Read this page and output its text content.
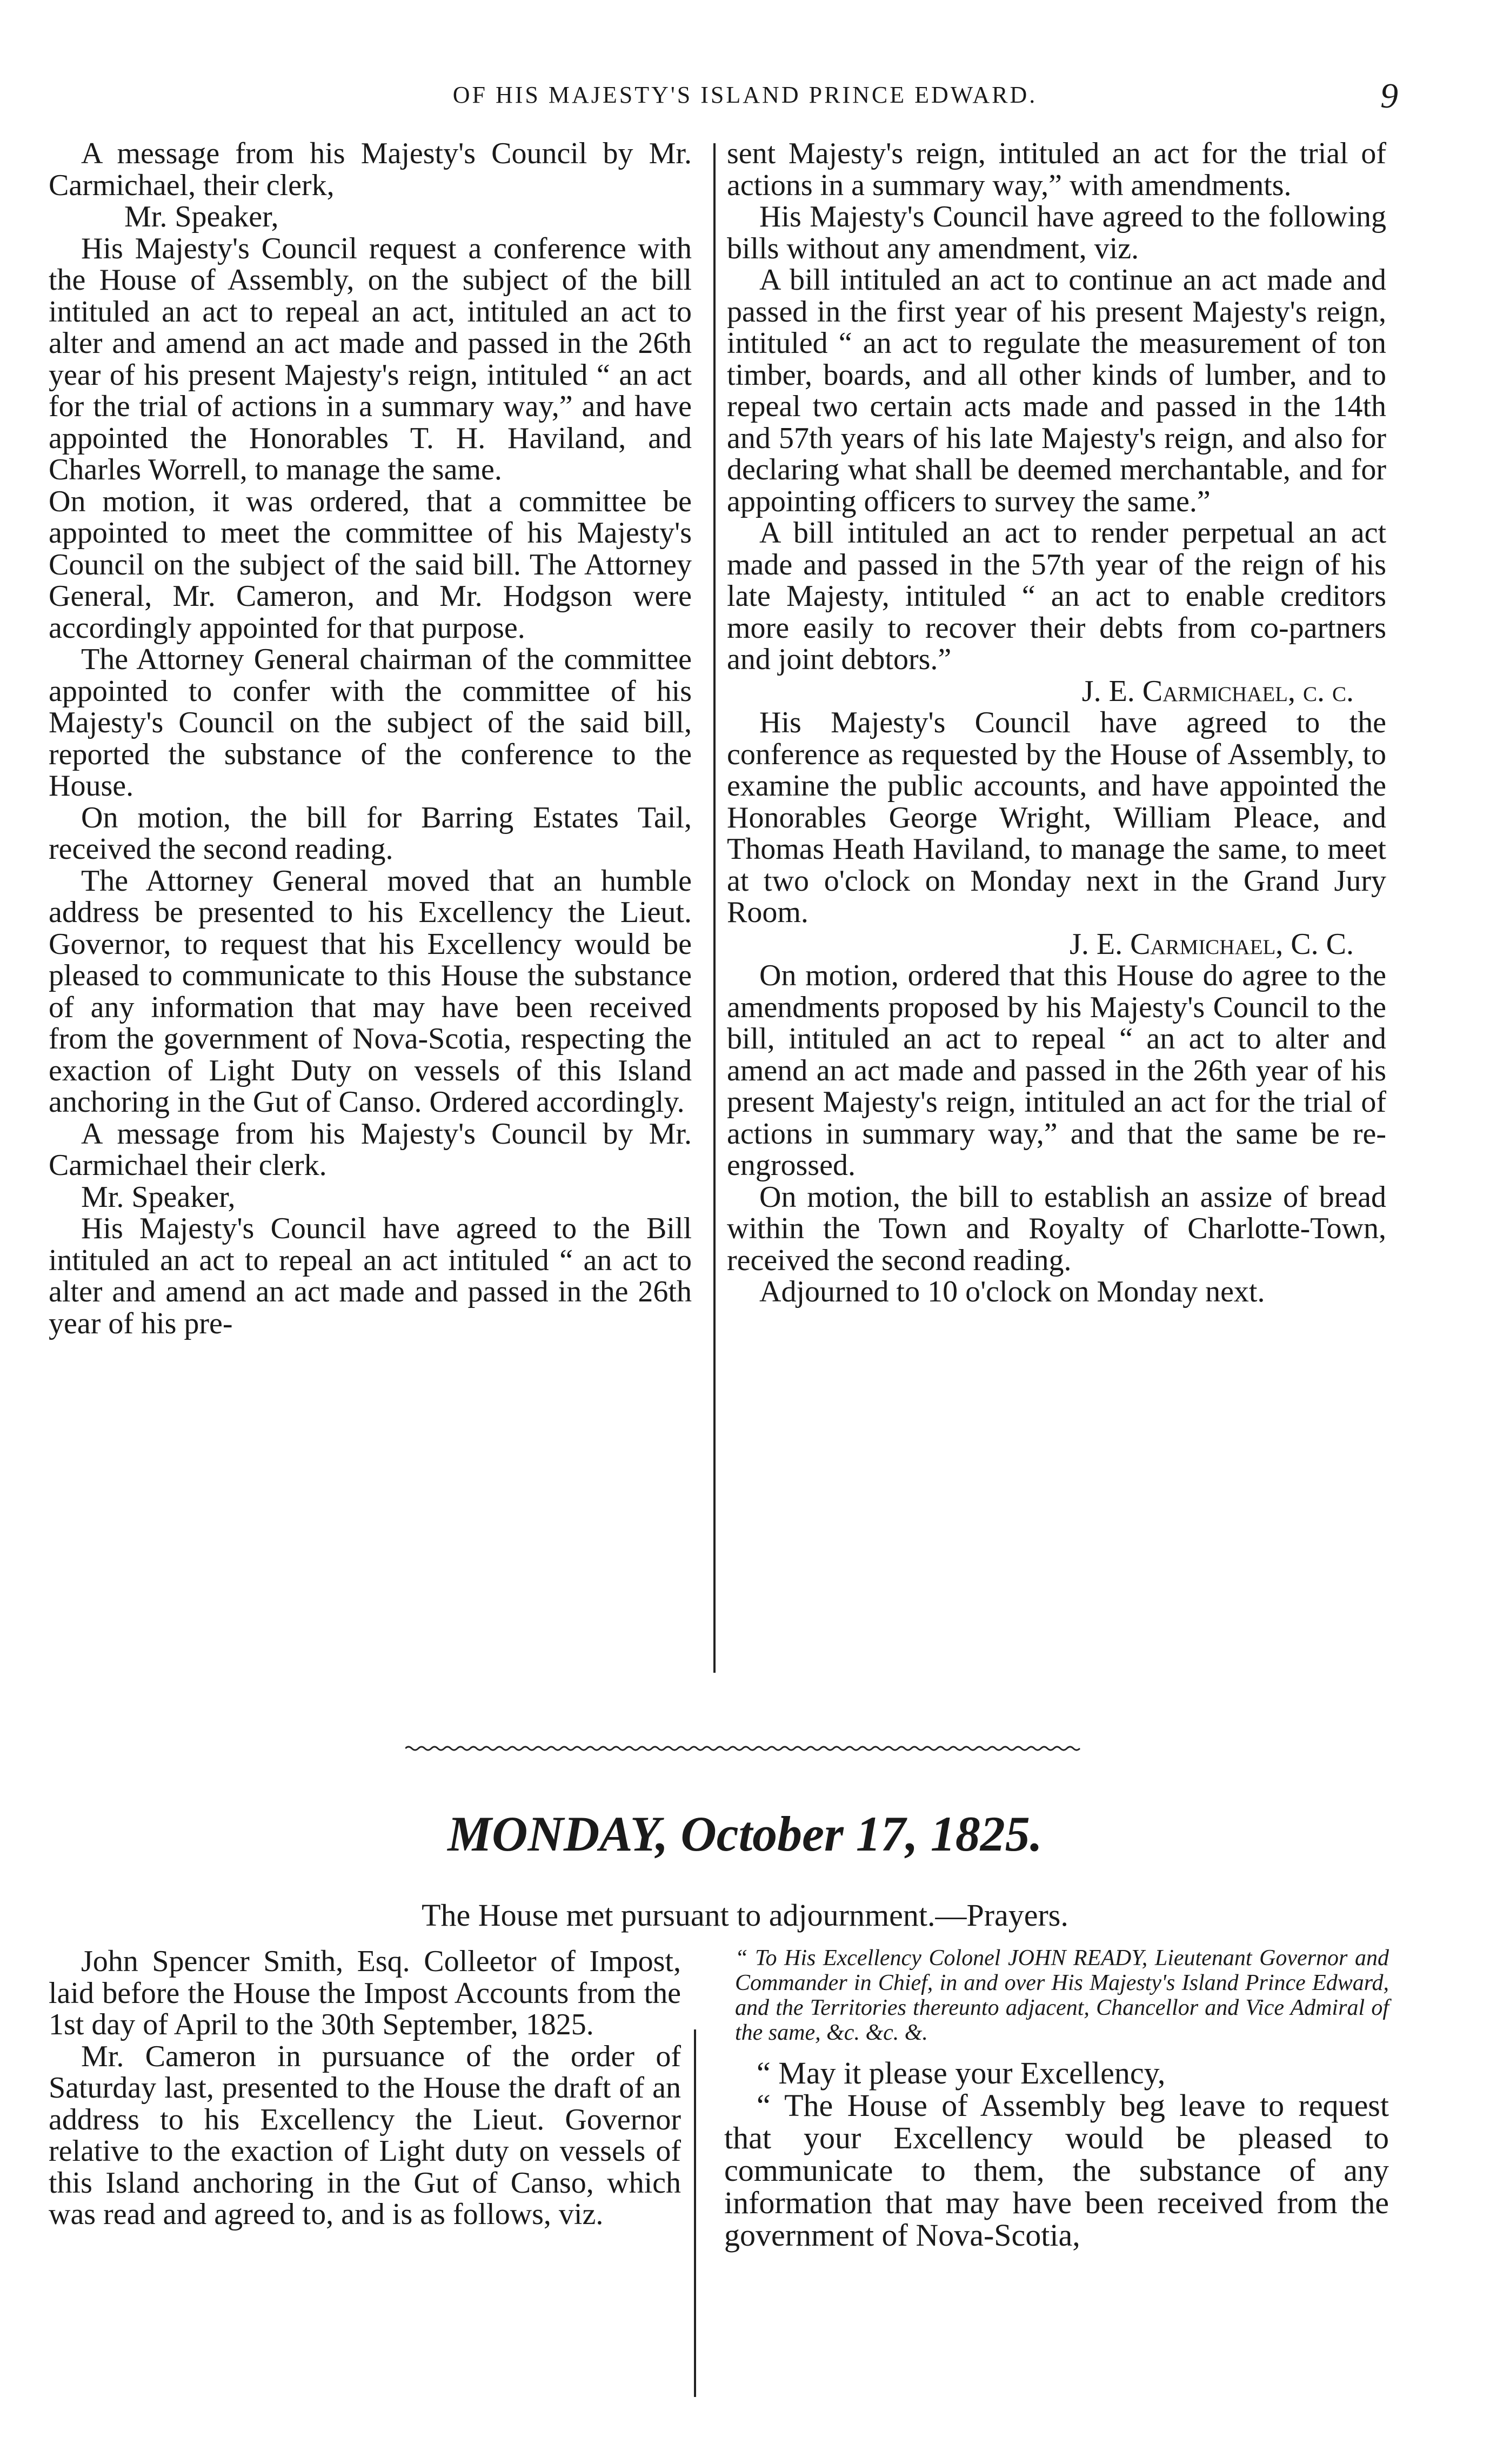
OF HIS MAJESTY'S ISLAND PRINCE EDWARD.	9

A message from his Majesty's Council by Mr. Carmichael, their clerk,

Mr. Speaker,

His Majesty's Council request a conference with the House of Assembly, on the subject of the bill intituled an act to repeal an act, intituled an act to alter and amend an act made and passed in the 26th year of his present Majesty's reign, intituled “ an act for the trial of actions in a summary way,” and have appointed the Honorables T. H. Haviland, and Charles Worrell, to manage the same.

On motion, it was ordered, that a committee be appointed to meet the committee of his Majesty's Council on the subject of the said bill. The Attorney General, Mr. Cameron, and Mr. Hodgson were accordingly appointed for that purpose.

The Attorney General chairman of the committee appointed to confer with the committee of his Majesty's Council on the subject of the said bill, reported the substance of the conference to the House.

On motion, the bill for Barring Estates Tail, received the second reading.

The Attorney General moved that an humble address be presented to his Excellency the Lieut. Governor, to request that his Excellency would be pleased to communicate to this House the substance of any information that may have been received from the government of Nova-Scotia, respecting the exaction of Light Duty on vessels of this Island anchoring in the Gut of Canso. Ordered accordingly.

A message from his Majesty's Council by Mr. Carmichael their clerk.

Mr. Speaker,

His Majesty's Council have agreed to the Bill intituled an act to repeal an act intituled “ an act to alter and amend an act made and passed in the 26th year of his pre-

sent Majesty's reign, intituled an act for the trial of actions in a summary way,” with amendments.

His Majesty's Council have agreed to the following bills without any amendment, viz.

A bill intituled an act to continue an act made and passed in the first year of his present Majesty's reign, intituled “ an act to regulate the measurement of ton timber, boards, and all other kinds of lumber, and to repeal two certain acts made and passed in the 14th and 57th years of his late Majesty's reign, and also for declaring what shall be deemed merchantable, and for appointing officers to survey the same.”

A bill intituled an act to render perpetual an act made and passed in the 57th year of the reign of his late Majesty, intituled “ an act to enable creditors more easily to recover their debts from co-partners and joint debtors.”

J. E. Carmichael, c. c.

His Majesty's Council have agreed to the conference as requested by the House of Assembly, to examine the public accounts, and have appointed the Honorables George Wright, William Pleace, and Thomas Heath Haviland, to manage the same, to meet at two o'clock on Monday next in the Grand Jury Room.

J. E. Carmichael, C. C.

On motion, ordered that this House do agree to the amendments proposed by his Majesty's Council to the bill, intituled an act to repeal “ an act to alter and amend an act made and passed in the 26th year of his present Majesty's reign, intituled an act for the trial of actions in summary way,” and that the same be re-engrossed.

On motion, the bill to establish an assize of bread within the Town and Royalty of Charlotte-Town, received the second reading.

Adjourned to 10 o'clock on Monday next.

MONDAY, October 17, 1825.
The House met pursuant to adjournment.—Prayers.

John Spencer Smith, Esq. Colleetor of Impost, laid before the House the Impost Accounts from the 1st day of April to the 30th September, 1825.

Mr. Cameron in pursuance of the order of Saturday last, presented to the House the draft of an address to his Excellency the Lieut. Governor relative to the exaction of Light duty on vessels of this Island anchoring in the Gut of Canso, which was read and agreed to, and is as follows, viz.

“ To His Excellency Colonel JOHN READY, Lieutenant Governor and Commander in Chief, in and over His Majesty's Island Prince Edward, and the Territories thereunto adjacent, Chancellor and Vice Admiral of the same, &c. &c. &.

“ May it please your Excellency,

“ The House of Assembly beg leave to request that your Excellency would be pleased to communicate to them, the substance of any information that may have been received from the government of Nova-Scotia,
